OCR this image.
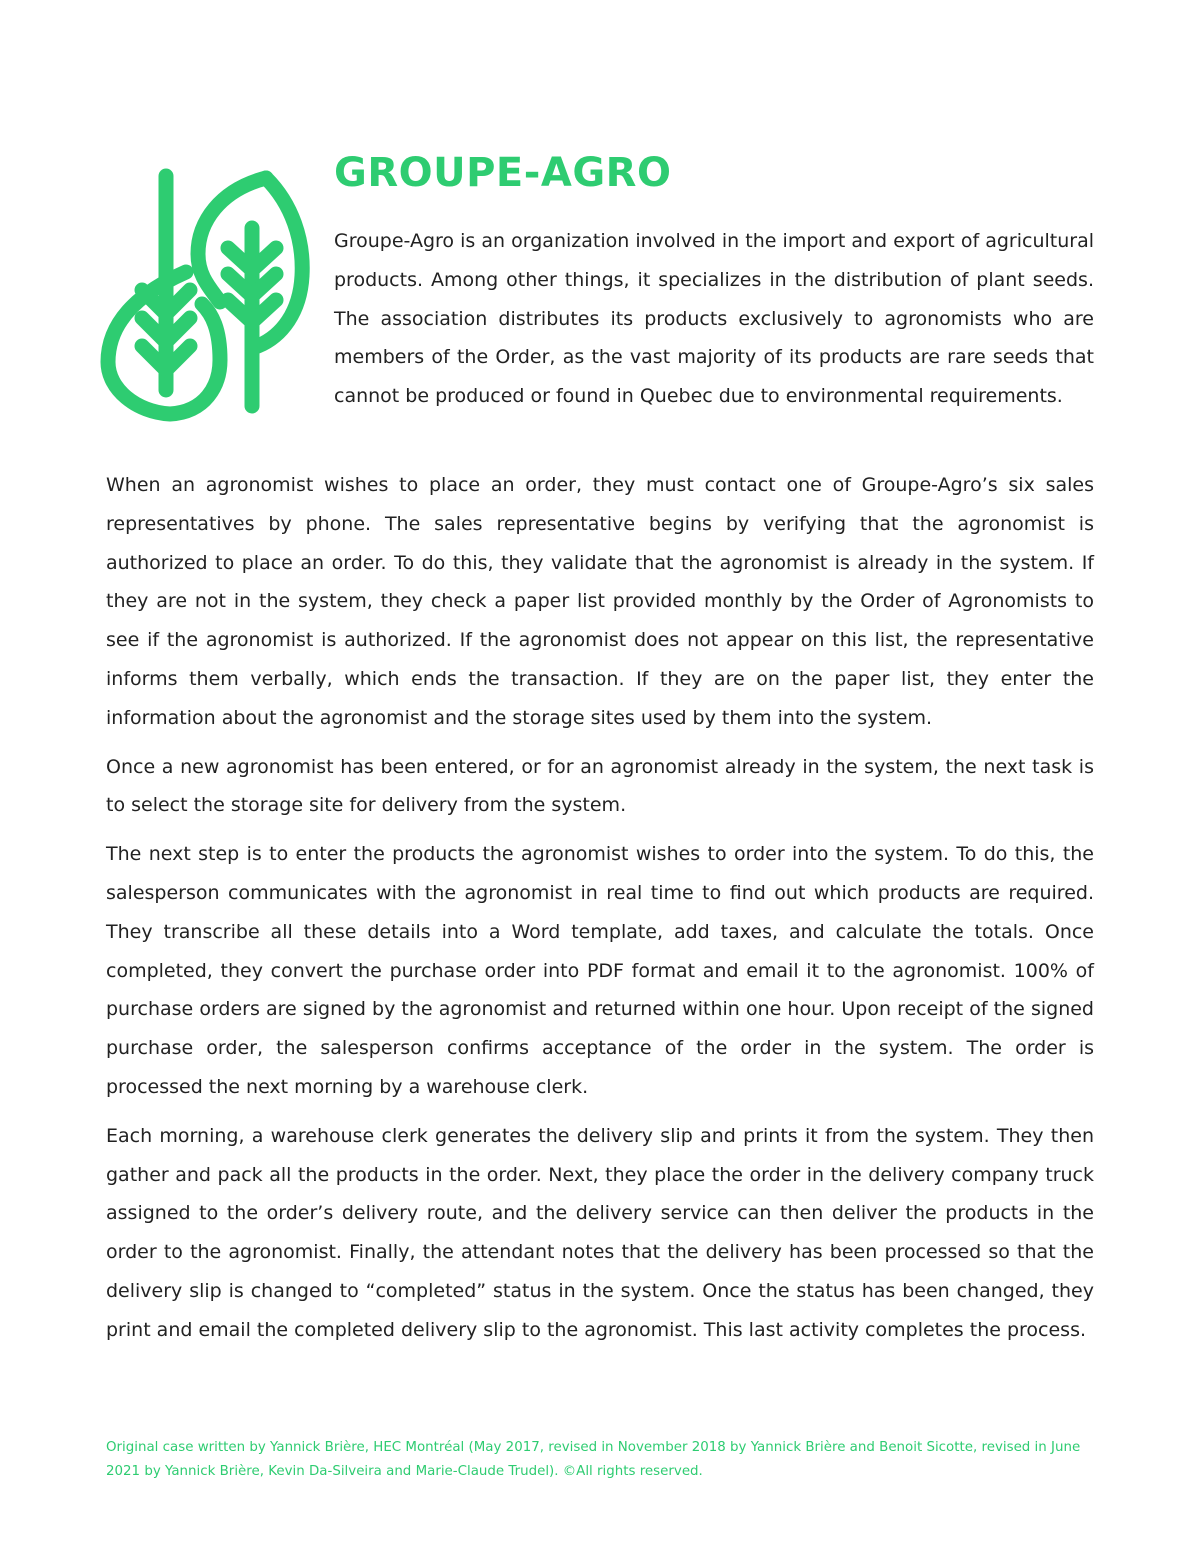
GROUPE-AGRO

Groupe-Agro is an organization involved in the import and export of agricultural products. Among other things, it specializes in the distribution of plant seeds. The association distributes its products exclusively to agronomists who are members of the Order, as the vast majority of its products are rare seeds that cannot be produced or found in Quebec due to environmental requirements.

When an agronomist wishes to place an order, they must contact one of Groupe-Agro’s six sales representatives by phone. The sales representative begins by verifying that the agronomist is authorized to place an order. To do this, they validate that the agronomist is already in the system. If they are not in the system, they check a paper list provided monthly by the Order of Agronomists to see if the agronomist is authorized. If the agronomist does not appear on this list, the representative informs them verbally, which ends the transaction. If they are on the paper list, they enter the information about the agronomist and the storage sites used by them into the system.

Once a new agronomist has been entered, or for an agronomist already in the system, the next task is to select the storage site for delivery from the system.

The next step is to enter the products the agronomist wishes to order into the system. To do this, the salesperson communicates with the agronomist in real time to find out which products are required. They transcribe all these details into a Word template, add taxes, and calculate the totals. Once completed, they convert the purchase order into PDF format and email it to the agronomist. 100% of purchase orders are signed by the agronomist and returned within one hour. Upon receipt of the signed purchase order, the salesperson confirms acceptance of the order in the system. The order is processed the next morning by a warehouse clerk.

Each morning, a warehouse clerk generates the delivery slip and prints it from the system. They then gather and pack all the products in the order. Next, they place the order in the delivery company truck assigned to the order’s delivery route, and the delivery service can then deliver the products in the order to the agronomist. Finally, the attendant notes that the delivery has been processed so that the delivery slip is changed to “completed” status in the system. Once the status has been changed, they print and email the completed delivery slip to the agronomist. This last activity completes the process.

Original case written by Yannick Brière, HEC Montréal (May 2017, revised in November 2018 by Yannick Brière and Benoit Sicotte, revised in June 2021 by Yannick Brière, Kevin Da-Silveira and Marie-Claude Trudel). ©All rights reserved.
